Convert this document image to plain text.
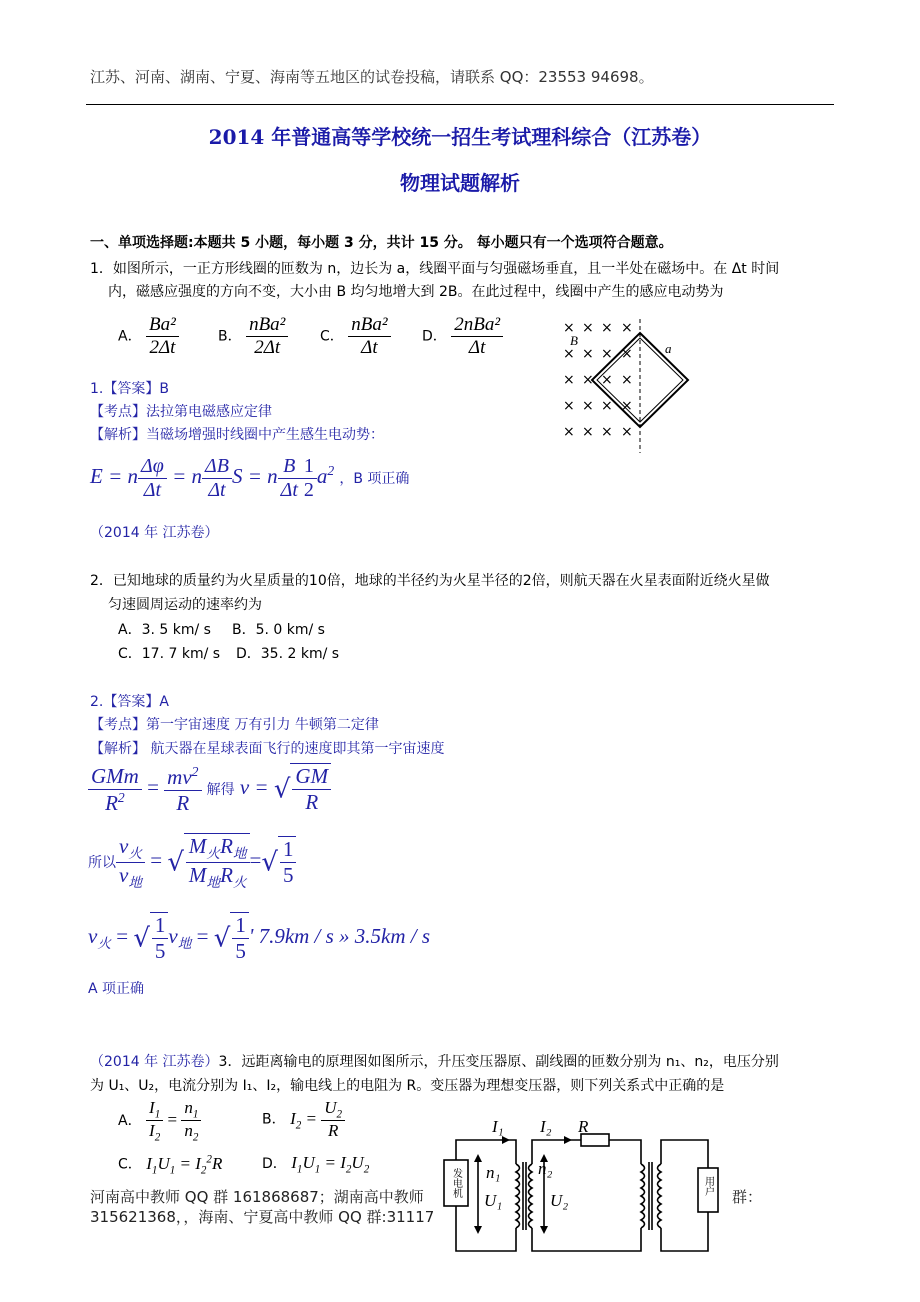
江苏、河南、湖南、宁夏、海南等五地区的试卷投稿，请联系 QQ：23553 94698。
2014 年普通高等学校统一招生考试理科综合（江苏卷）
物理试题解析
一、单项选择题:本题共 5 小题，每小题 3 分，共计 15 分。 每小题只有一个选项符合题意。
1．如图所示，一正方形线圈的匝数为 n，边长为 a，线圈平面与匀强磁场垂直，且一半处在磁场中。在 Δt 时间
内，磁感应强度的方向不变，大小由 B 均匀地增大到 2B。在此过程中，线圈中产生的感应电动势为
A． $\frac{\text{Ba²}}{2\Delta t}$	B． $\frac{\text{nBa²}}{2\Delta t}$ C． $\frac{\text{nBa²}}{\Delta t}$ D． $\frac{\text{2nBa²}}{\Delta t}$	× × × ×
× × × ×
× × × ×
× × × ×
× × × ×
B
a
1.【答案】B
【考点】法拉第电磁感应定律
【解析】当磁场增强时线圈中产生感生电动势：
E = n $\frac{\Delta\varphi}{\Delta t} = n \frac{\Delta B}{\Delta t}$ S = n $\frac{B}{\Delta t} \frac{1}{2} a^2$ ，B 项正确
（2014 年 江苏卷）
2．已知地球的质量约为火星质量的10倍，地球的半径约为火星半径的2倍，则航天器在火星表面附近绕火星做
匀速圆周运动的速率约为
A．3. 5 km/ s B．5. 0 km/ s
C．17. 7 km/ s D．35. 2 km/ s
2.【答案】A
【考点】第一宇宙速度 万有引力 牛顿第二定律
【解析】 航天器在星球表面飞行的速度即其第一宇宙速度
$\frac{\text{GMm}}{R^2} = \frac{mv^2}{R}$ 解得 v = √ $\frac{GM}{R}$
所以 $\frac{v_火}{v_地}$ = √ $\frac{M_火R_地}{M_地R_火}$ =√ $\frac{1}{5}$
$v_火$ = √ $\frac{1}{5} v_地$ = √ $\frac{1}{5}$ ʹ 7.9km / s » 3.5km / s
A 项正确
（2014 年 江苏卷）3．远距离输电的原理图如图所示，升压变压器原、副线圈的匝数分别为 n₁、n₂，电压分别
为 U₁、U₂，电流分别为 I₁、I₂，输电线上的电阻为 R。变压器为理想变压器，则下列关系式中正确的是
A． $\frac{I_1}{I_2} = \frac{n_1}{n_2}$	B． $I_2 = \frac{U_2}{R}$
C． $I_1U_1 = I_2^2R$	D． $I_1U_1 = I_2U_2$
河南高中教师 QQ 群 161868687；湖南高中教师	群：
315621368，，海南、宁夏高中教师 QQ 群:31117
I₁ I₂ R
n₁ n₂
U₁	U₂
发电机	用户
